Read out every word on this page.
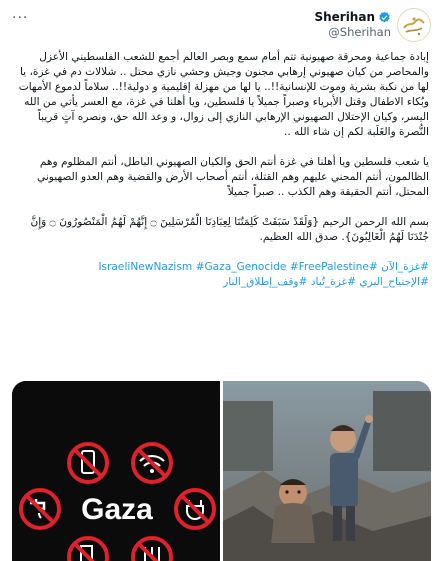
···	Sherihan
@Sherihan

إبادة جماعية ومحرقة صهيونية تتم أمام سمع وبصر العالم أجمع للشعب الفلسطيني الأعزل والمحاصر من كيان صهيوني إرهابي مجنون وجيش وحشي نازي محتل .. شلالات دم في غزة، يا لها من نكبة بشرية وموت للإنسانية!!.. يا لها من مهزلة إقليمية و دولية!!.. سلاماً لدموع الأمهات وبُكاء الاطفال وقتل الأبرياء وصبراً جميلاً يا فلسطين، ويا أهلنا في غزة، مع العسر يأتي من الله اليسر، وكيان الإحتلال الصهيوني الإرهابي النازي إلى زوال، و وعد الله حق، ونصره آتٍ قريباً النُّصرة والغَلَبة لكم إن شاء الله ..

يا شعب فلسطين ويا أهلنا في غزة أنتم الحق والكيان الصهيوني الباطل، أنتم المظلوم وهم الظالمون، أنتم المجني عليهم وهم القتلة، أنتم أصحاب الأرض والقضية وهم العدو الصهيوني المحتل، أنتم الحقيقة وهم الكذب .. صبراً جميلاً

بسم الله الرحمن الرحيم {وَلَقَدْ سَبَقَتْ كَلِمَتُنَا لِعِبَادِنَا الْمُرْسَلِينَ ۝ إِنَّهُمْ لَهُمُ الْمَنْصُورُونَ ۝ وَإِنَّ جُنْدَنَا لَهُمُ الْغَالِبُونَ}. صدق الله العظيم.

#غزة_الآن #IsraeliNewNazism #Gaza_Genocide #FreePalestine

#الإجتياح_البري #غزة_تُباد #وقف_إطلاق_النار

Gaza
